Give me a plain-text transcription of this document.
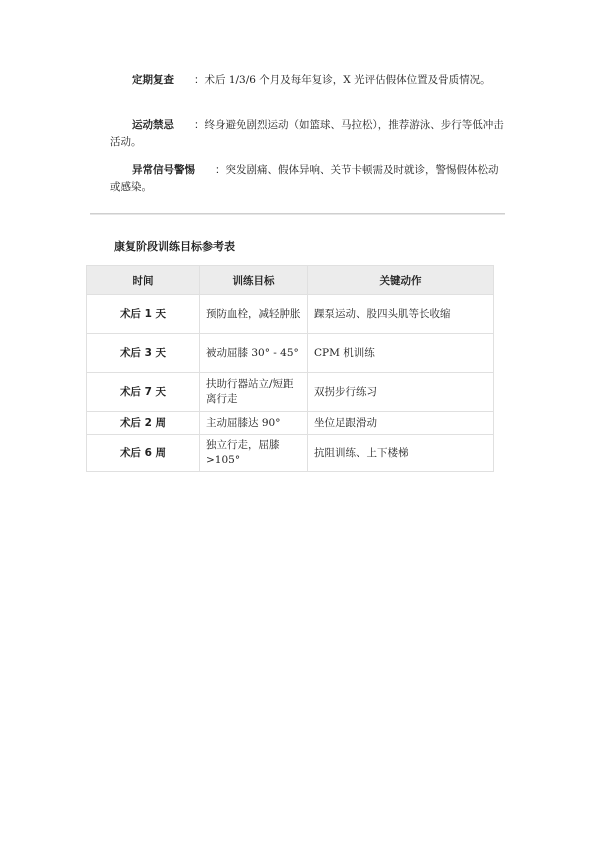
定期复查 ：术后 1/3/6 个月及每年复诊，X 光评估假体位置及骨质情况。
运动禁忌 ：终身避免剧烈运动（如篮球、马拉松），推荐游泳、步行等低冲击活动。
异常信号警惕 ：突发剧痛、假体异响、关节卡顿需及时就诊，警惕假体松动或感染。
康复阶段训练目标参考表
时间	训练目标	关键动作
术后 1 天	预防血栓，减轻肿胀	踝泵运动、股四头肌等长收缩
术后 3 天	被动屈膝 30° - 45°	CPM 机训练
术后 7 天	扶助行器站立/短距离行走	双拐步行练习
术后 2 周	主动屈膝达 90°	坐位足跟滑动
术后 6 周	独立行走，屈膝>105°	抗阻训练、上下楼梯
